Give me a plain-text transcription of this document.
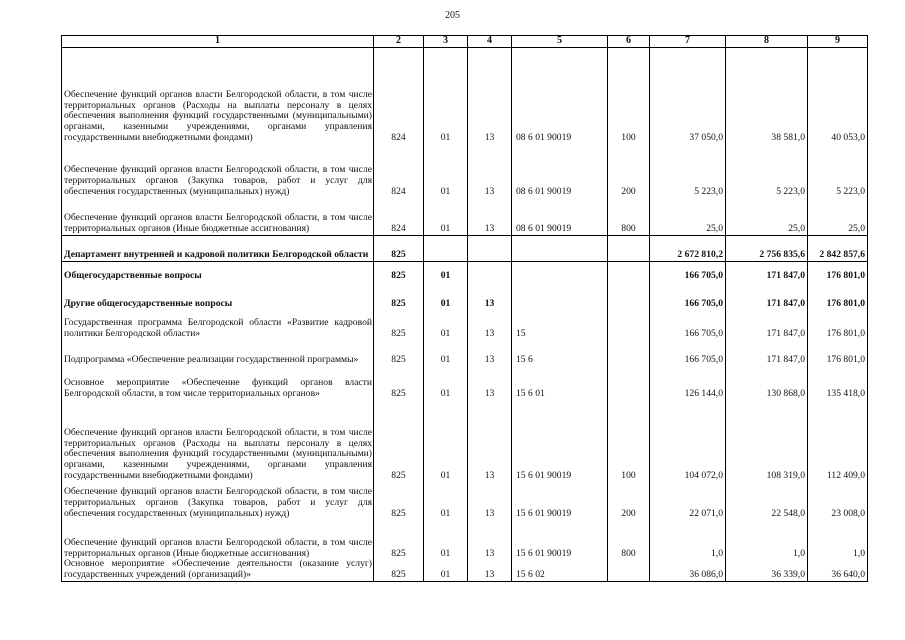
205
1	2	3	4	5	6	7	8	9
Обеспечение функций органов власти Белгородской области, в том числе территориальных органов (Расходы на выплаты персоналу в целях обеспечения выполнения функций государственными (муниципальными) органами, казенными учреждениями, органами управления государственными внебюджетными фондами)	824	01	13	08 6 01 90019	100	37 050,0	38 581,0	40 053,0
Обеспечение функций органов власти Белгородской области, в том числе территориальных органов (Закупка товаров, работ и услуг для обеспечения государственных (муниципальных) нужд)	824	01	13	08 6 01 90019	200	5 223,0	5 223,0	5 223,0
Обеспечение функций органов власти Белгородской области, в том числе территориальных органов (Иные бюджетные ассигнования)	824	01	13	08 6 01 90019	800	25,0	25,0	25,0
Департамент внутренней и кадровой политики Белгородской области	825					2 672 810,2	2 756 835,6	2 842 857,6
Общегосударственные вопросы	825	01				166 705,0	171 847,0	176 801,0
Другие общегосударственные вопросы	825	01	13			166 705,0	171 847,0	176 801,0
Государственная программа Белгородской области «Развитие кадровой политики Белгородской области»	825	01	13	15		166 705,0	171 847,0	176 801,0
Подпрограмма «Обеспечение реализации государственной программы»	825	01	13	15 6		166 705,0	171 847,0	176 801,0
Основное мероприятие «Обеспечение функций органов власти Белгородской области, в том числе территориальных органов»	825	01	13	15 6 01		126 144,0	130 868,0	135 418,0
Обеспечение функций органов власти Белгородской области, в том числе территориальных органов (Расходы на выплаты персоналу в целях обеспечения выполнения функций государственными (муниципальными) органами, казенными учреждениями, органами управления государственными внебюджетными фондами)	825	01	13	15 6 01 90019	100	104 072,0	108 319,0	112 409,0
Обеспечение функций органов власти Белгородской области, в том числе территориальных органов (Закупка товаров, работ и услуг для обеспечения государственных (муниципальных) нужд)	825	01	13	15 6 01 90019	200	22 071,0	22 548,0	23 008,0
Обеспечение функций органов власти Белгородской области, в том числе территориальных органов (Иные бюджетные ассигнования)	825	01	13	15 6 01 90019	800	1,0	1,0	1,0
Основное мероприятие «Обеспечение деятельности (оказание услуг) государственных учреждений (организаций)»	825	01	13	15 6 02		36 086,0	36 339,0	36 640,0
